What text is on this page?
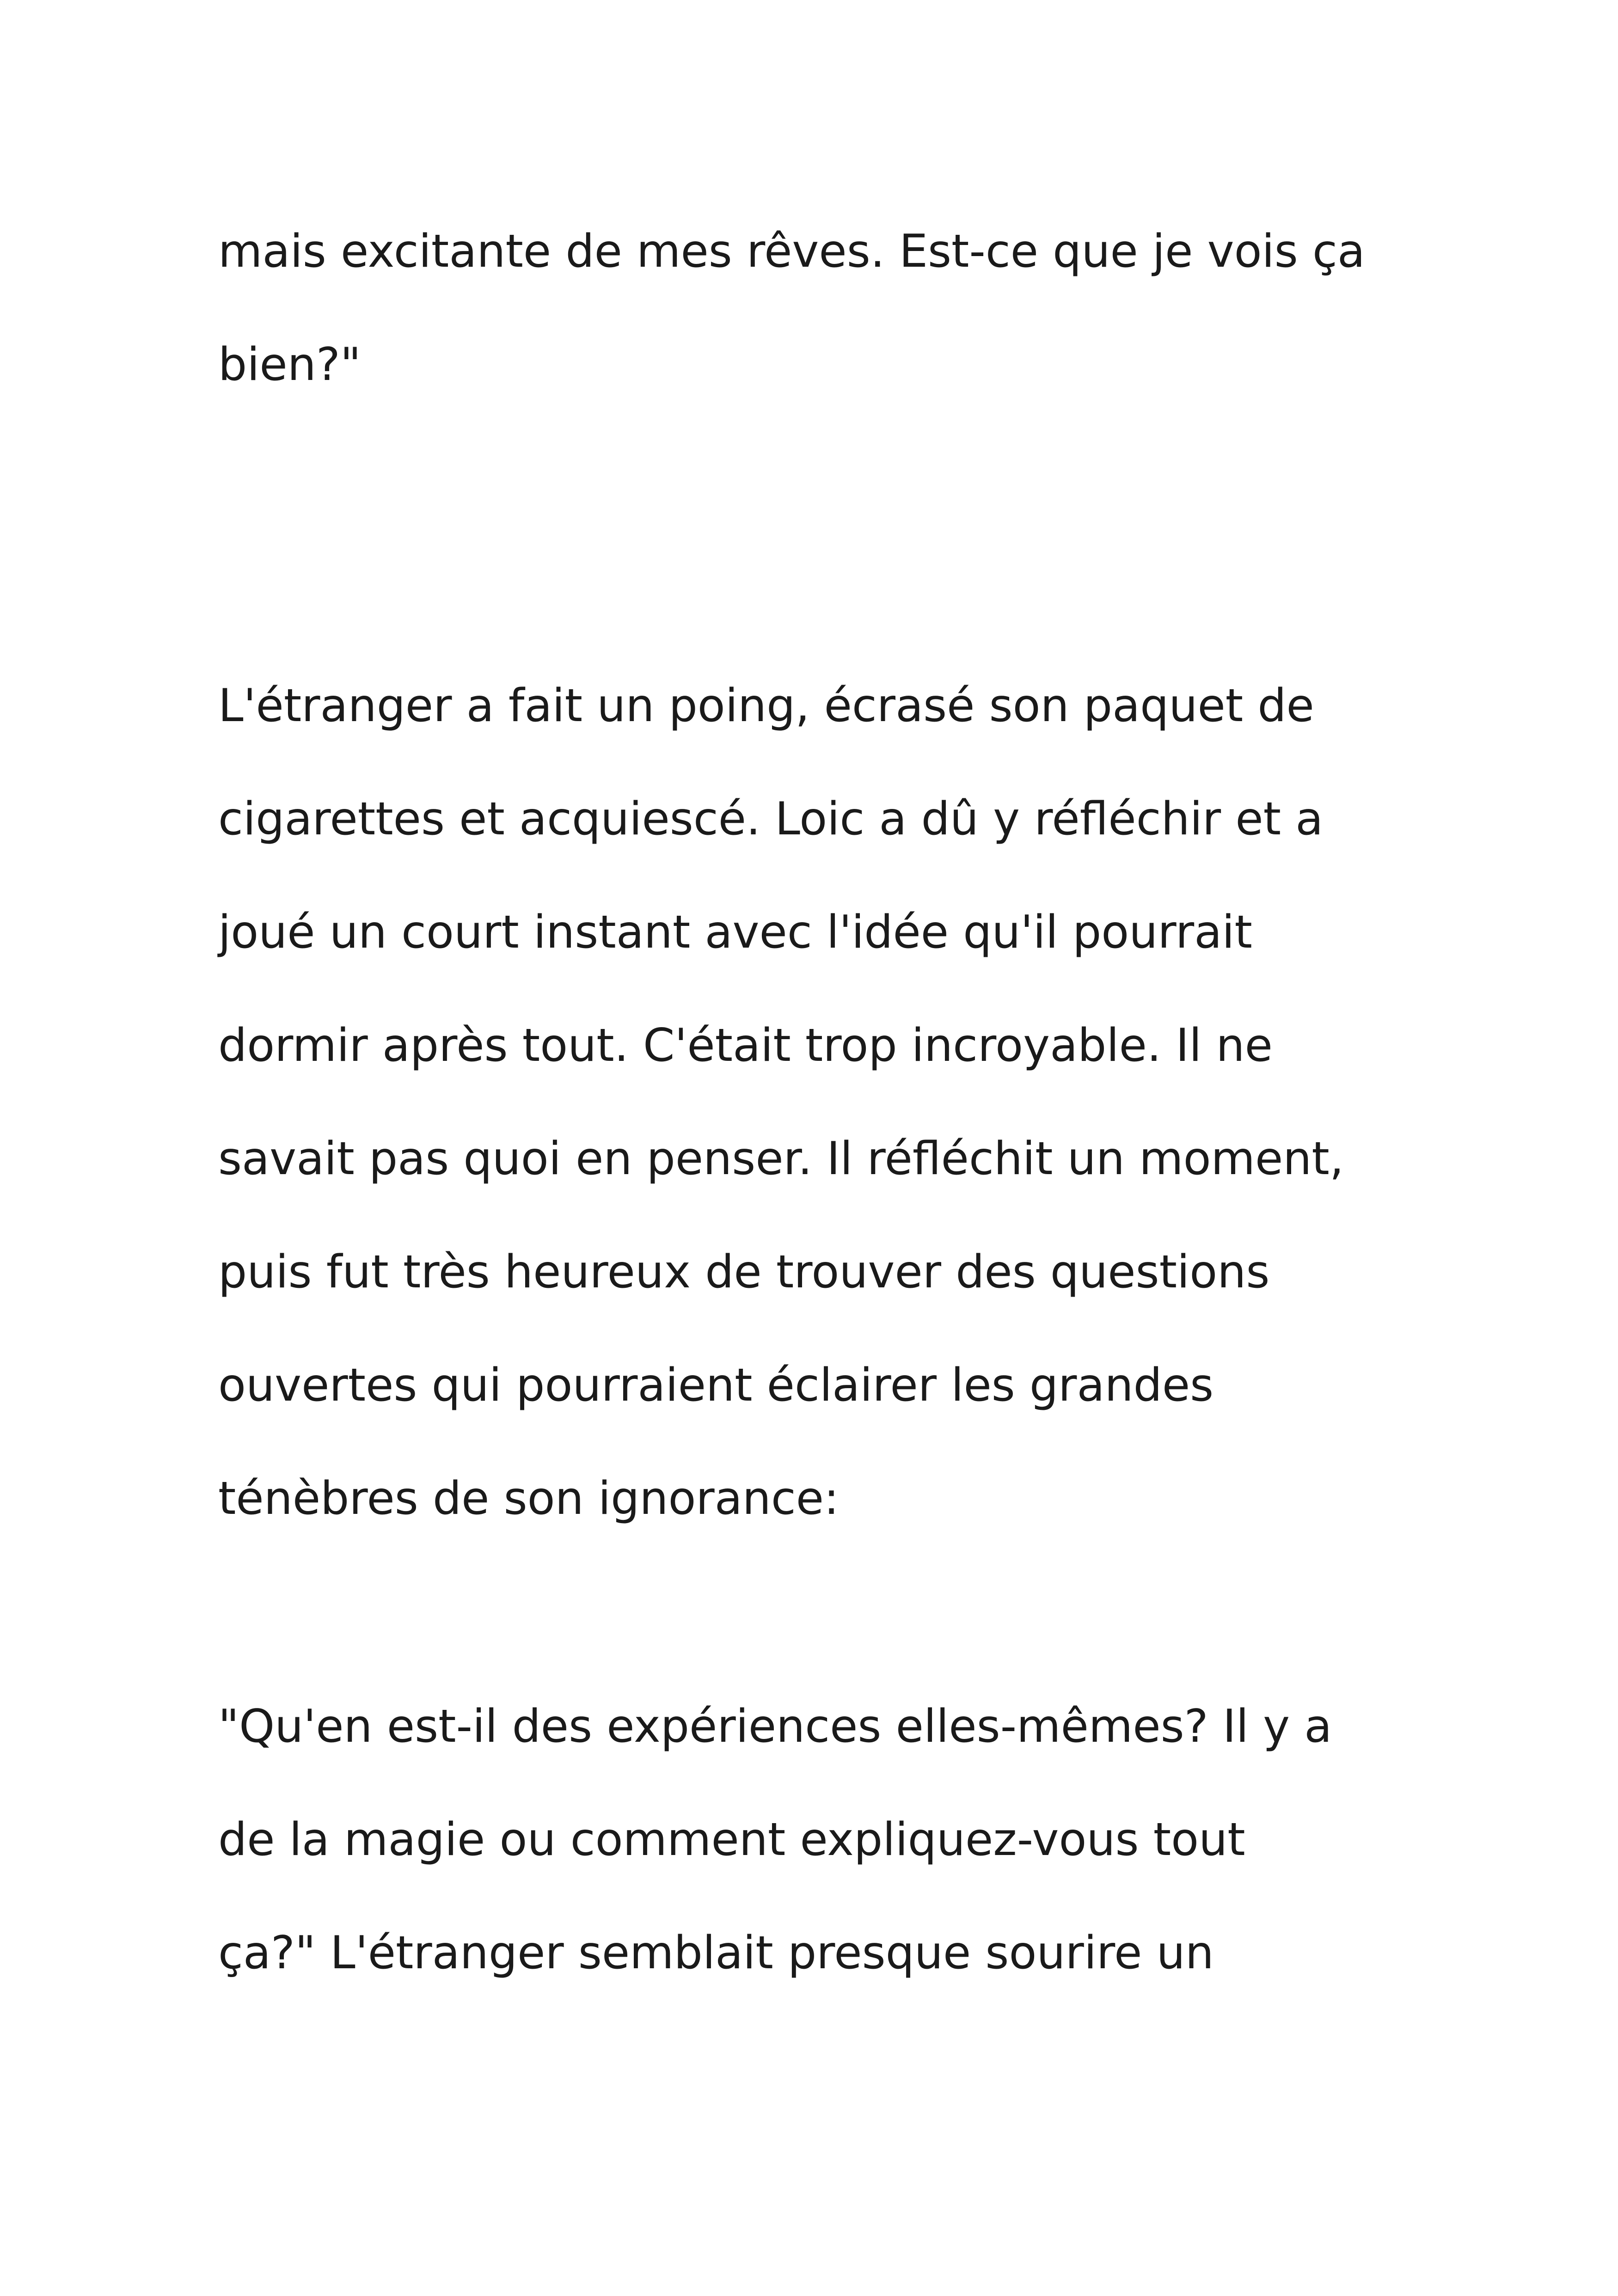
mais excitante de mes rêves. Est-ce que je vois ça

bien?"

L'étranger a fait un poing, écrasé son paquet de

cigarettes et acquiescé. Loic a dû y réfléchir et a

joué un court instant avec l'idée qu'il pourrait

dormir après tout. C'était trop incroyable. Il ne

savait pas quoi en penser. Il réfléchit un moment,

puis fut très heureux de trouver des questions

ouvertes qui pourraient éclairer les grandes

ténèbres de son ignorance:

"Qu'en est-il des expériences elles-mêmes? Il y a

de la magie ou comment expliquez-vous tout

ça?" L'étranger semblait presque sourire un
